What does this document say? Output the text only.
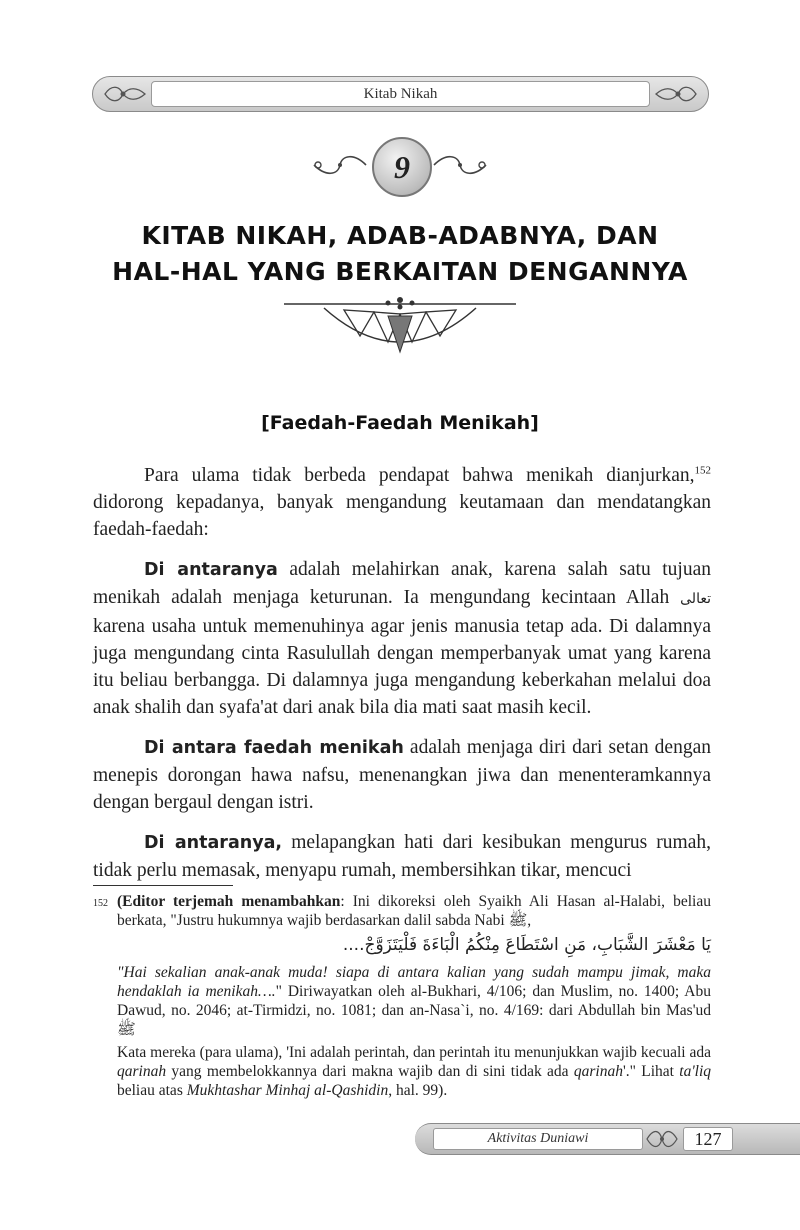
Kitab Nikah
9
KITAB NIKAH, ADAB-ADABNYA, DAN
HAL-HAL YANG BERKAITAN DENGANNYA
[Faedah-Faedah Menikah]

Para ulama tidak berbeda pendapat bahwa menikah dianjurkan,$^{152}$ didorong kepadanya, banyak mengandung keutamaan dan mendatangkan faedah-faedah:

Di antaranya adalah melahirkan anak, karena salah satu tujuan menikah adalah menjaga keturunan. Ia mengundang kecintaan Allah تعالى karena usaha untuk memenuhinya agar jenis manusia tetap ada. Di dalamnya juga mengundang cinta Rasulullah dengan memperbanyak umat yang karena itu beliau berbangga. Di dalamnya juga mengandung keberkahan melalui doa anak shalih dan syafa'at dari anak bila dia mati saat masih kecil.

Di antara faedah menikah adalah menjaga diri dari setan dengan menepis dorongan hawa nafsu, menenangkan jiwa dan menenteramkannya dengan bergaul dengan istri.

Di antaranya, melapangkan hati dari kesibukan mengurus rumah, tidak perlu memasak, menyapu rumah, membersihkan tikar, mencuci

152 (Editor terjemah menambahkan: Ini dikoreksi oleh Syaikh Ali Hasan al-Halabi, beliau berkata, "Justru hukumnya wajib berdasarkan dalil sabda Nabi ﷺ,
يَا مَعْشَرَ الشَّبَابِ، مَنِ اسْتَطَاعَ مِنْكُمُ الْبَاءَةَ فَلْيَتَزَوَّجْ....
"Hai sekalian anak-anak muda! siapa di antara kalian yang sudah mampu jimak, maka hendaklah ia menikah…." Diriwayatkan oleh al-Bukhari, 4/106; dan Muslim, no. 1400; Abu Dawud, no. 2046; at-Tirmidzi, no. 1081; dan an-Nasa`i, no. 4/169: dari Abdullah bin Mas'ud ﷺ
Kata mereka (para ulama), 'Ini adalah perintah, dan perintah itu menunjukkan wajib kecuali ada qarinah yang membelokkannya dari makna wajib dan di sini tidak ada qarinah'." Lihat ta'liq beliau atas Mukhtashar Minhaj al-Qashidin, hal. 99).
Aktivitas Duniawi	127
